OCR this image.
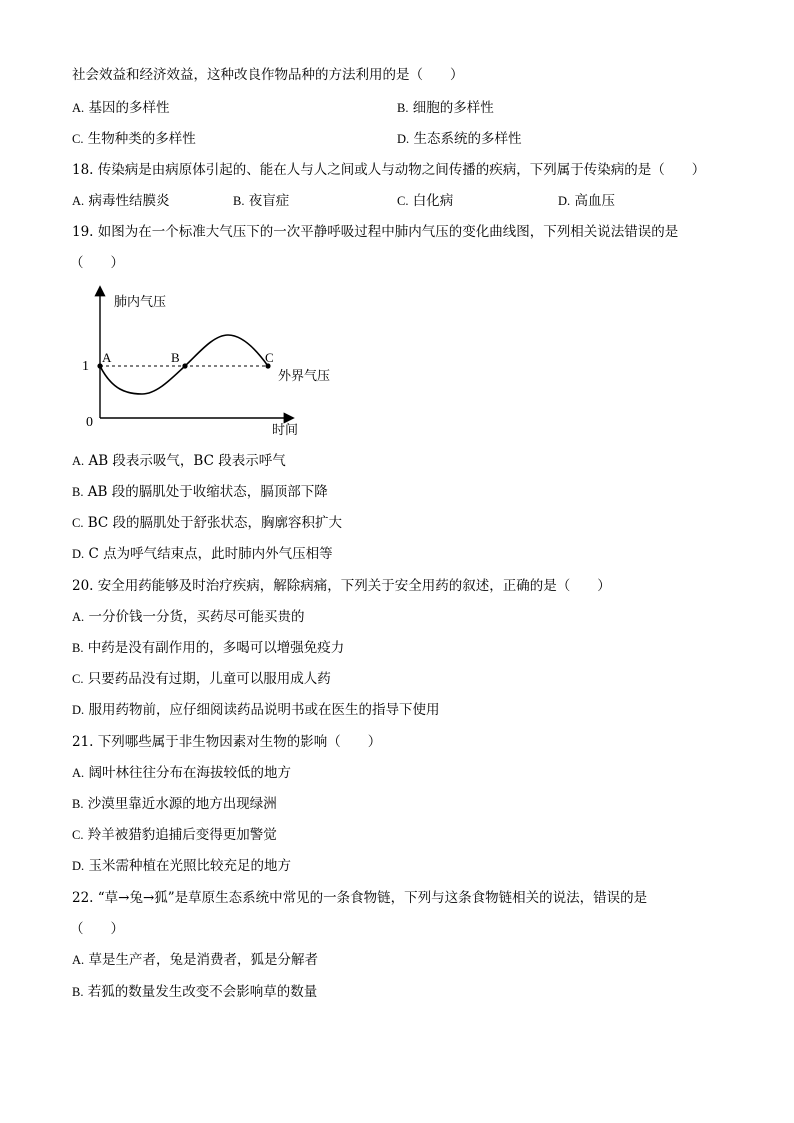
社会效益和经济效益，这种改良作物品种的方法利用的是（　　）
A. 基因的多样性	B. 细胞的多样性
C. 生物种类的多样性	D. 生态系统的多样性
18. 传染病是由病原体引起的、能在人与人之间或人与动物之间传播的疾病，下列属于传染病的是（　　）
A. 病毒性结膜炎	B. 夜盲症	C. 白化病	D. 高血压
19. 如图为在一个标准大气压下的一次平静呼吸过程中肺内气压的变化曲线图，下列相关说法错误的是
（　　）
肺内气压
时间
1
0
外界气压
A	B	C
A. AB 段表示吸气，BC 段表示呼气
B. AB 段的膈肌处于收缩状态，膈顶部下降
C. BC 段的膈肌处于舒张状态，胸廓容积扩大
D. C 点为呼气结束点，此时肺内外气压相等
20. 安全用药能够及时治疗疾病，解除病痛，下列关于安全用药的叙述，正确的是（　　）
A. 一分价钱一分货，买药尽可能买贵的
B. 中药是没有副作用的，多喝可以增强免疫力
C. 只要药品没有过期，儿童可以服用成人药
D. 服用药物前，应仔细阅读药品说明书或在医生的指导下使用
21. 下列哪些属于非生物因素对生物的影响（　　）
A. 阔叶林往往分布在海拔较低的地方
B. 沙漠里靠近水源的地方出现绿洲
C. 羚羊被猎豹追捕后变得更加警觉
D. 玉米需种植在光照比较充足的地方
22. “草→兔→狐”是草原生态系统中常见的一条食物链，下列与这条食物链相关的说法，错误的是
（　　）
A. 草是生产者，兔是消费者，狐是分解者
B. 若狐的数量发生改变不会影响草的数量
